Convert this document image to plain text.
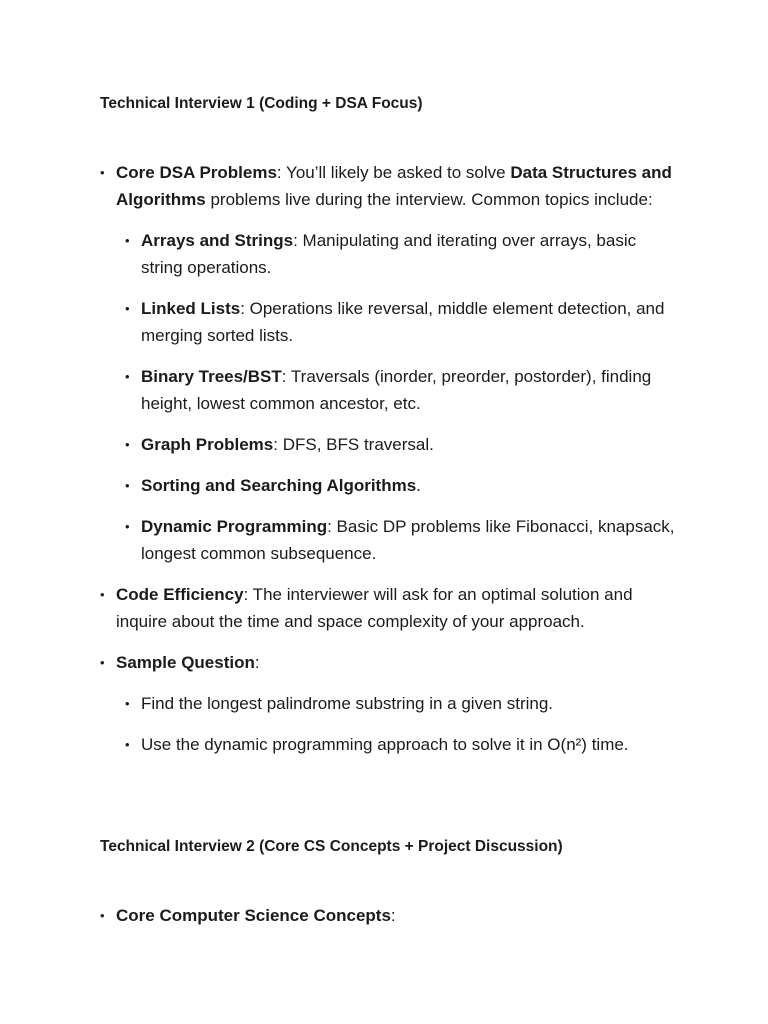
Technical Interview 1 (Coding + DSA Focus)
• Core DSA Problems: You’ll likely be asked to solve Data Structures and Algorithms problems live during the interview. Common topics include:
• Arrays and Strings: Manipulating and iterating over arrays, basic string operations.
• Linked Lists: Operations like reversal, middle element detection, and merging sorted lists.
• Binary Trees/BST: Traversals (inorder, preorder, postorder), finding height, lowest common ancestor, etc.
• Graph Problems: DFS, BFS traversal.
• Sorting and Searching Algorithms.
• Dynamic Programming: Basic DP problems like Fibonacci, knapsack, longest common subsequence.
• Code Efficiency: The interviewer will ask for an optimal solution and inquire about the time and space complexity of your approach.
• Sample Question:
• Find the longest palindrome substring in a given string.
• Use the dynamic programming approach to solve it in O(n²) time.
Technical Interview 2 (Core CS Concepts + Project Discussion)
• Core Computer Science Concepts:
